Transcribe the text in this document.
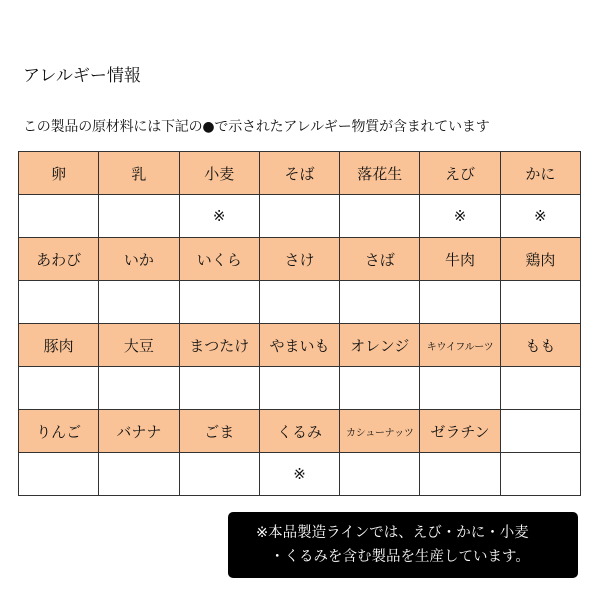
アレルギー情報
この製品の原材料には下記の●で示されたアレルギー物質が含まれています
卵	乳	小麦	そば	落花生	えび	かに
		※			※	※
あわび	いか	いくら	さけ	さば	牛肉	鶏肉

豚肉	大豆	まつたけ	やまいも	オレンジ	キウイフルーツ	もも

りんご	バナナ	ごま	くるみ	カシューナッツ	ゼラチン	
			※			
※本品製造ラインでは、えび・かに・小麦
・くるみを含む製品を生産しています。
